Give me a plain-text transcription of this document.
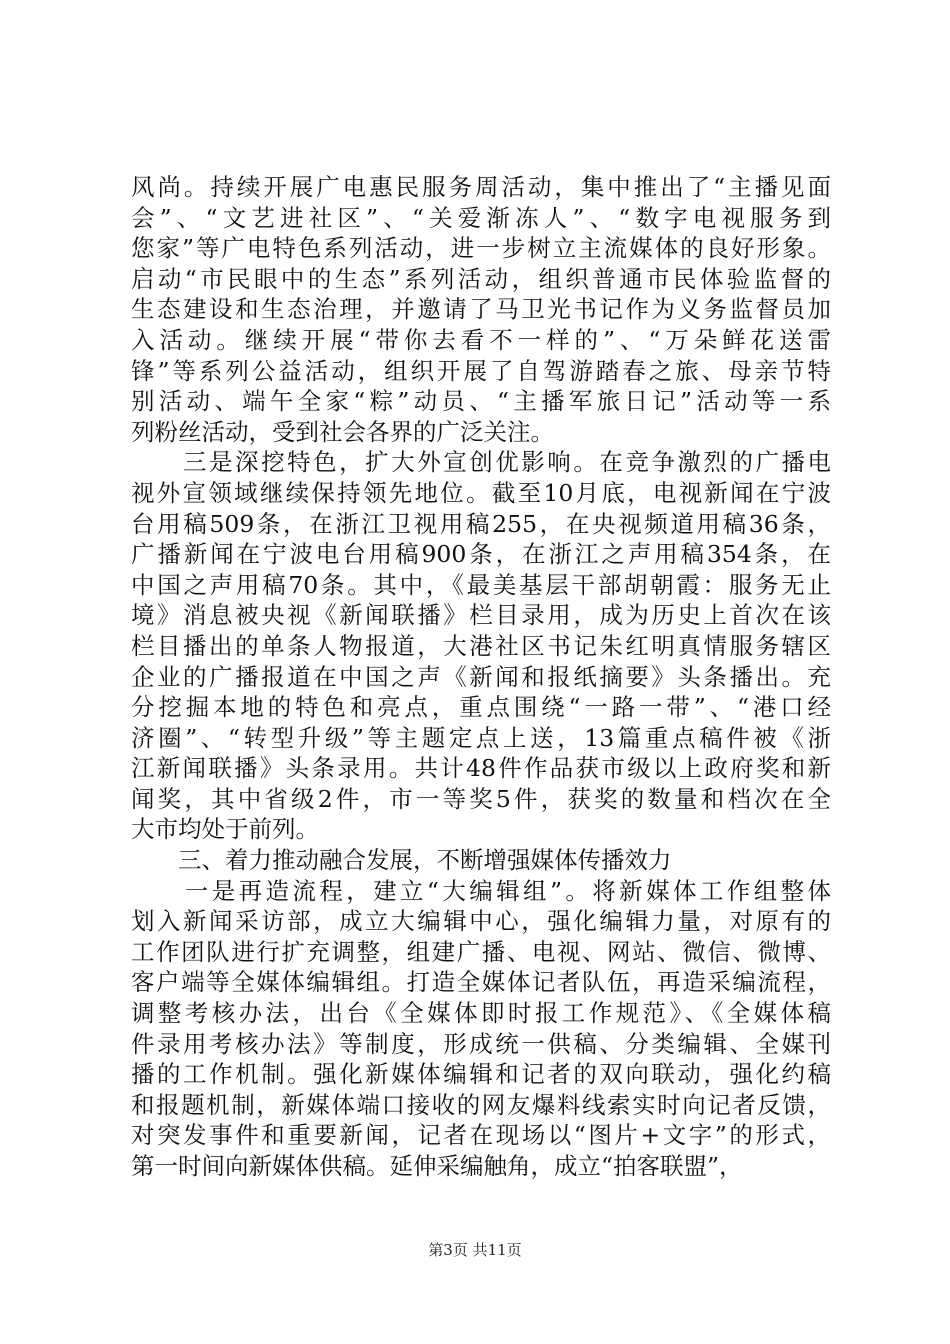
风尚。持续开展广电惠民服务周活动，集中推出了“主播见面
会”、“文艺进社区”、“关爱渐冻人”、“数字电视服务到
您家”等广电特色系列活动，进一步树立主流媒体的良好形象。
启动“市民眼中的生态”系列活动，组织普通市民体验监督的
生态建设和生态治理，并邀请了马卫光书记作为义务监督员加
入活动。继续开展“带你去看不一样的”、“万朵鲜花送雷
锋”等系列公益活动，组织开展了自驾游踏春之旅、母亲节特
别活动、端午全家“粽”动员、“主播军旅日记”活动等一系
列粉丝活动，受到社会各界的广泛关注。
　　三是深挖特色，扩大外宣创优影响。在竞争激烈的广播电
视外宣领域继续保持领先地位。截至10月底，电视新闻在宁波
台用稿509条，在浙江卫视用稿255，在央视频道用稿36条，
广播新闻在宁波电台用稿900条，在浙江之声用稿354条，在
中国之声用稿70条。其中，《最美基层干部胡朝霞：服务无止
境》消息被央视《新闻联播》栏目录用，成为历史上首次在该
栏目播出的单条人物报道，大港社区书记朱红明真情服务辖区
企业的广播报道在中国之声《新闻和报纸摘要》头条播出。充
分挖掘本地的特色和亮点，重点围绕“一路一带”、“港口经
济圈”、“转型升级”等主题定点上送，13篇重点稿件被《浙
江新闻联播》头条录用。共计48件作品获市级以上政府奖和新
闻奖，其中省级2件，市一等奖5件，获奖的数量和档次在全
大市均处于前列。
　　三、着力推动融合发展，不断增强媒体传播效力
　　一是再造流程，建立“大编辑组”。将新媒体工作组整体
划入新闻采访部，成立大编辑中心，强化编辑力量，对原有的
工作团队进行扩充调整，组建广播、电视、网站、微信、微博、
客户端等全媒体编辑组。打造全媒体记者队伍，再造采编流程，
调整考核办法，出台《全媒体即时报工作规范》、《全媒体稿
件录用考核办法》等制度，形成统一供稿、分类编辑、全媒刊
播的工作机制。强化新媒体编辑和记者的双向联动，强化约稿
和报题机制，新媒体端口接收的网友爆料线索实时向记者反馈，
对突发事件和重要新闻，记者在现场以“图片+文字”的形式，
第一时间向新媒体供稿。延伸采编触角，成立“拍客联盟”，
第3页 共11页
